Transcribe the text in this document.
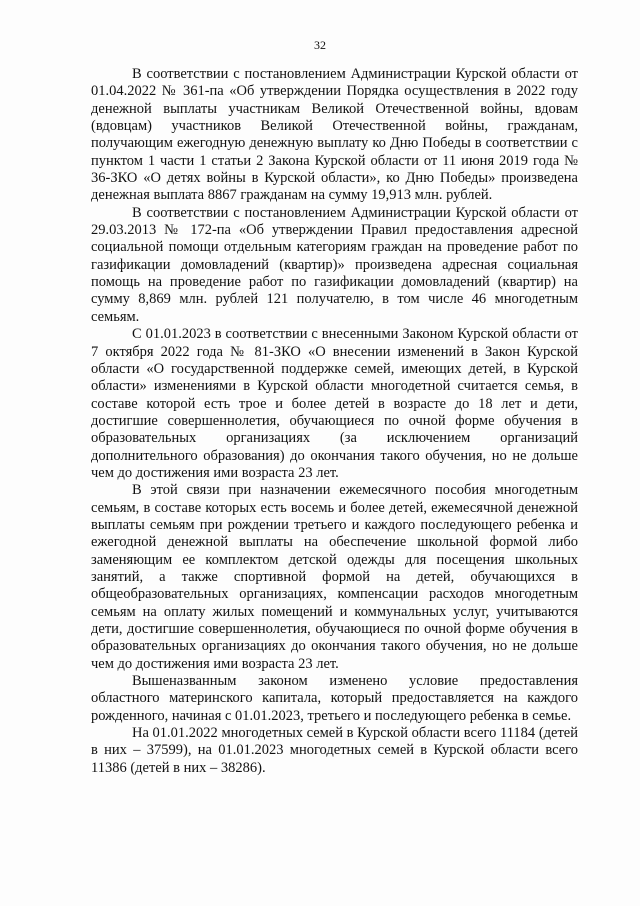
32

В соответствии с постановлением Администрации Курской области от 01.04.2022 № 361-па «Об утверждении Порядка осуществления в 2022 году денежной выплаты участникам Великой Отечественной войны, вдовам (вдовцам) участников Великой Отечественной войны, гражданам, получающим ежегодную денежную выплату ко Дню Победы в соответствии с пунктом 1 части 1 статьи 2 Закона Курской области от 11 июня 2019 года № 36-ЗКО «О детях войны в Курской области», ко Дню Победы» произведена денежная выплата 8867 гражданам на сумму 19,913 млн. рублей.

В соответствии с постановлением Администрации Курской области от 29.03.2013 № 172-па «Об утверждении Правил предоставления адресной социальной помощи отдельным категориям граждан на проведение работ по газификации домовладений (квартир)» произведена адресная социальная помощь на проведение работ по газификации домовладений (квартир) на сумму 8,869 млн. рублей 121 получателю, в том числе 46 многодетным семьям.

С 01.01.2023 в соответствии с внесенными Законом Курской области от 7 октября 2022 года № 81-ЗКО «О внесении изменений в Закон Курской области «О государственной поддержке семей, имеющих детей, в Курской области» изменениями в Курской области многодетной считается семья, в составе которой есть трое и более детей в возрасте до 18 лет и дети, достигшие совершеннолетия, обучающиеся по очной форме обучения в образовательных организациях (за исключением организаций дополнительного образования) до окончания такого обучения, но не дольше чем до достижения ими возраста 23 лет.

В этой связи при назначении ежемесячного пособия многодетным семьям, в составе которых есть восемь и более детей, ежемесячной денежной выплаты семьям при рождении третьего и каждого последующего ребенка и ежегодной денежной выплаты на обеспечение школьной формой либо заменяющим ее комплектом детской одежды для посещения школьных занятий, а также спортивной формой на детей, обучающихся в общеобразовательных организациях, компенсации расходов многодетным семьям на оплату жилых помещений и коммунальных услуг, учитываются дети, достигшие совершеннолетия, обучающиеся по очной форме обучения в образовательных организациях до окончания такого обучения, но не дольше чем до достижения ими возраста 23 лет.

Вышеназванным законом изменено условие предоставления областного материнского капитала, который предоставляется на каждого рожденного, начиная с 01.01.2023, третьего и последующего ребенка в семье.

На 01.01.2022 многодетных семей в Курской области всего 11184 (детей в них – 37599), на 01.01.2023 многодетных семей в Курской области всего 11386 (детей в них – 38286).
